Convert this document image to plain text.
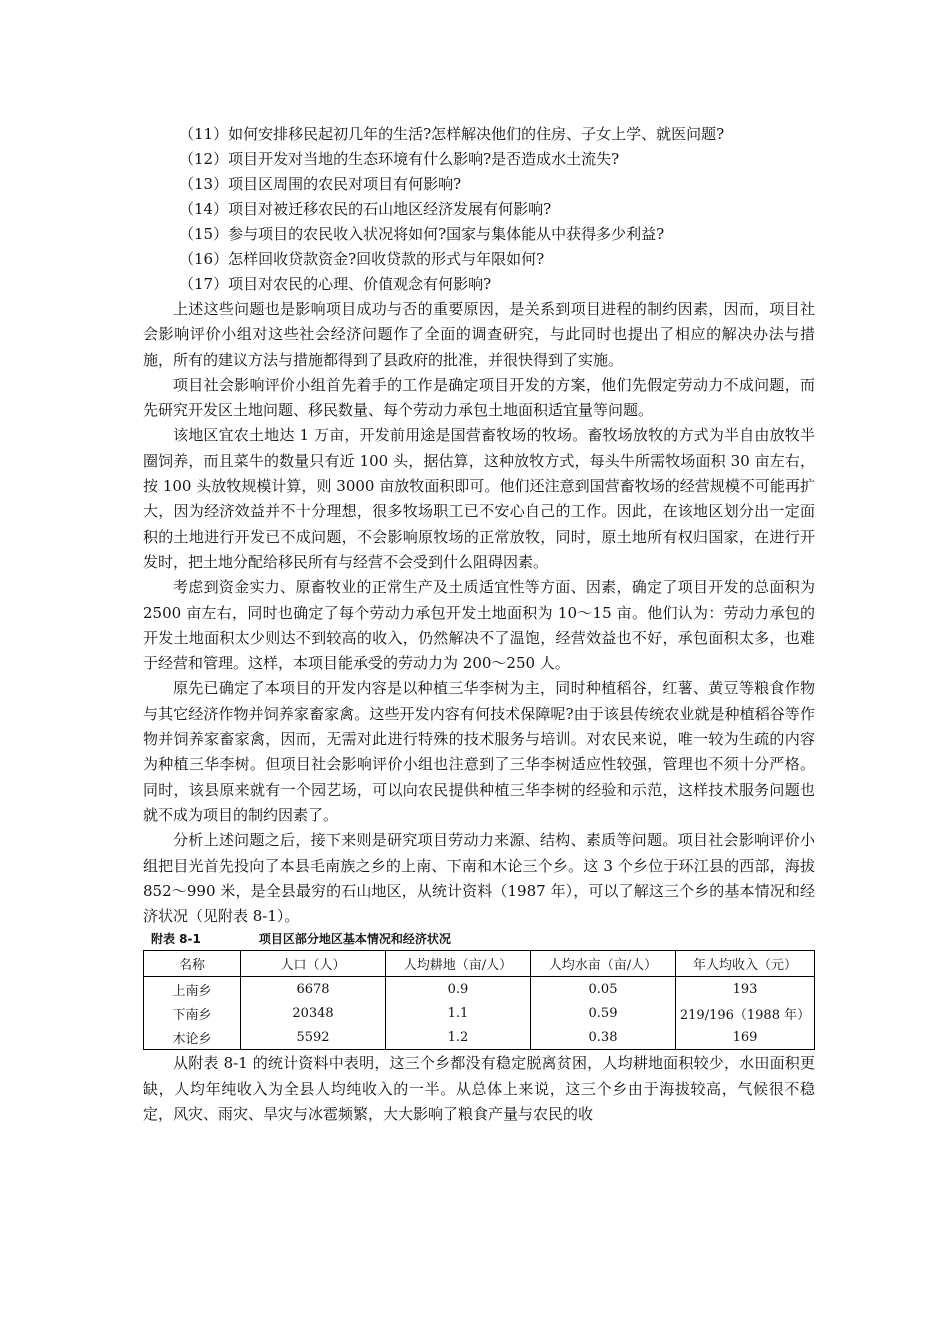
（11）如何安排移民起初几年的生活?怎样解决他们的住房、子女上学、就医问题?
（12）项目开发对当地的生态环境有什么影响?是否造成水土流失?
（13）项目区周围的农民对项目有何影响?
（14）项目对被迁移农民的石山地区经济发展有何影响?
（15）参与项目的农民收入状况将如何?国家与集体能从中获得多少利益?
（16）怎样回收贷款资金?回收贷款的形式与年限如何?
（17）项目对农民的心理、价值观念有何影响?

上述这些问题也是影响项目成功与否的重要原因，是关系到项目进程的制约因素，因而，项目社会影响评价小组对这些社会经济问题作了全面的调查研究，与此同时也提出了相应的解决办法与措施，所有的建议方法与措施都得到了县政府的批准，并很快得到了实施。

项目社会影响评价小组首先着手的工作是确定项目开发的方案，他们先假定劳动力不成问题，而先研究开发区土地问题、移民数量、每个劳动力承包土地面积适宜量等问题。

该地区宜农土地达 1 万亩，开发前用途是国营畜牧场的牧场。畜牧场放牧的方式为半自由放牧半圈饲养，而且菜牛的数量只有近 100 头，据估算，这种放牧方式，每头牛所需牧场面积 30 亩左右，按 100 头放牧规模计算，则 3000 亩放牧面积即可。他们还注意到国营畜牧场的经营规模不可能再扩大，因为经济效益并不十分理想，很多牧场职工已不安心自己的工作。因此，在该地区划分出一定面积的土地进行开发已不成问题，不会影响原牧场的正常放牧，同时，原土地所有权归国家，在进行开发时，把土地分配给移民所有与经营不会受到什么阻碍因素。

考虑到资金实力、原畜牧业的正常生产及土质适宜性等方面、因素，确定了项目开发的总面积为 2500 亩左右，同时也确定了每个劳动力承包开发土地面积为 10～15 亩。他们认为：劳动力承包的开发土地面积太少则达不到较高的收入，仍然解决不了温饱，经营效益也不好，承包面积太多，也难于经营和管理。这样，本项目能承受的劳动力为 200～250 人。

原先已确定了本项目的开发内容是以种植三华李树为主，同时种植稻谷，红薯、黄豆等粮食作物与其它经济作物并饲养家畜家禽。这些开发内容有何技术保障呢?由于该县传统农业就是种植稻谷等作物并饲养家畜家禽，因而，无需对此进行特殊的技术服务与培训。对农民来说，唯一较为生疏的内容为种植三华李树。但项目社会影响评价小组也注意到了三华李树适应性较强，管理也不须十分严格。同时，该县原来就有一个园艺场，可以向农民提供种植三华李树的经验和示范，这样技术服务问题也就不成为项目的制约因素了。

分析上述问题之后，接下来则是研究项目劳动力来源、结构、素质等问题。项目社会影响评价小组把目光首先投向了本县毛南族之乡的上南、下南和木论三个乡。这 3 个乡位于环江县的西部，海拔 852～990 米，是全县最穷的石山地区，从统计资料（1987 年），可以了解这三个乡的基本情况和经济状况（见附表 8-1）。

附表 8-1	项目区部分地区基本情况和经济状况
名称	人口（人）	人均耕地（亩/人）	人均水亩（亩/人）	年人均收入（元）
上南乡	6678	0.9	0.05	193
下南乡	20348	1.1	0.59	219/196（1988 年）
木论乡	5592	1.2	0.38	169

从附表 8-1 的统计资料中表明，这三个乡都没有稳定脱离贫困，人均耕地面积较少，水田面积更缺，人均年纯收入为全县人均纯收入的一半。从总体上来说，这三个乡由于海拔较高，气候很不稳定，风灾、雨灾、旱灾与冰雹频繁，大大影响了粮食产量与农民的收
